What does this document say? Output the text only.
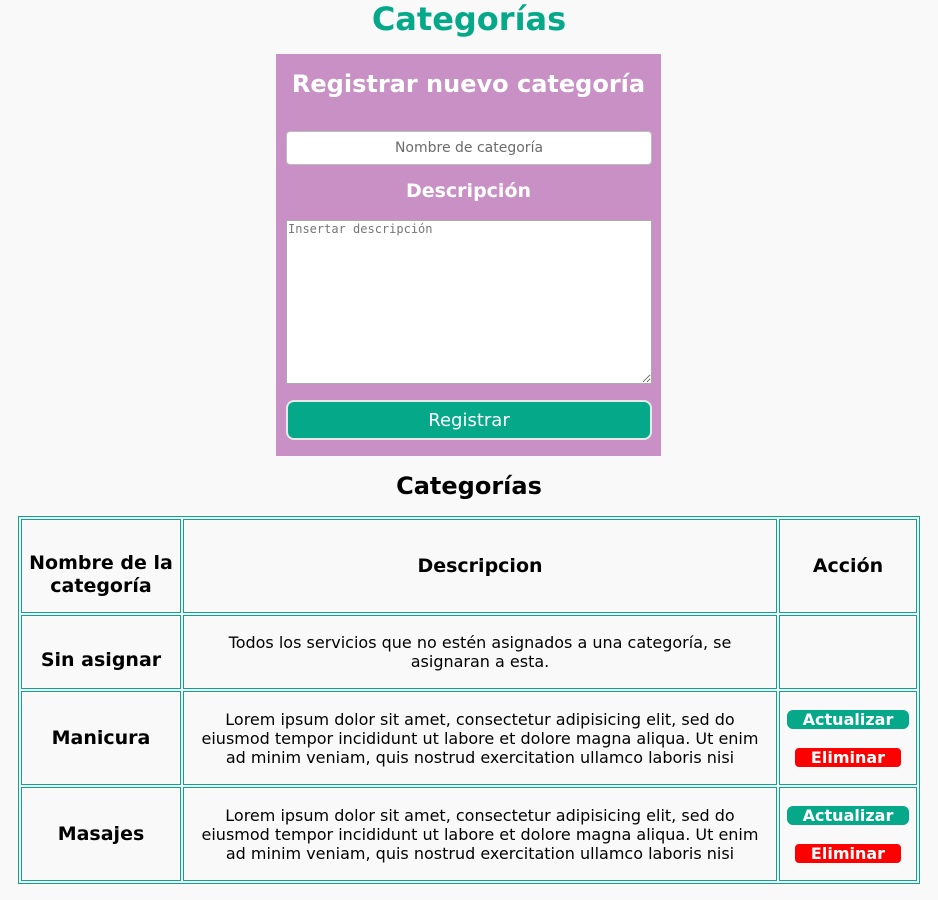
Categorías
Registrar nuevo categoría
Nombre de categoría
Descripción
Insertar descripción
Registrar
Categorías
Nombre de la categoría	Descripcion	Acción
Sin asignar	Todos los servicios que no estén asignados a una categoría, se asignaran a esta.	
Manicura	Lorem ipsum dolor sit amet, consectetur adipisicing elit, sed do eiusmod tempor incididunt ut labore et dolore magna aliqua. Ut enim ad minim veniam, quis nostrud exercitation ullamco laboris nisi	Actualizar
Eliminar

Masajes	Lorem ipsum dolor sit amet, consectetur adipisicing elit, sed do eiusmod tempor incididunt ut labore et dolore magna aliqua. Ut enim ad minim veniam, quis nostrud exercitation ullamco laboris nisi	Actualizar
Eliminar
